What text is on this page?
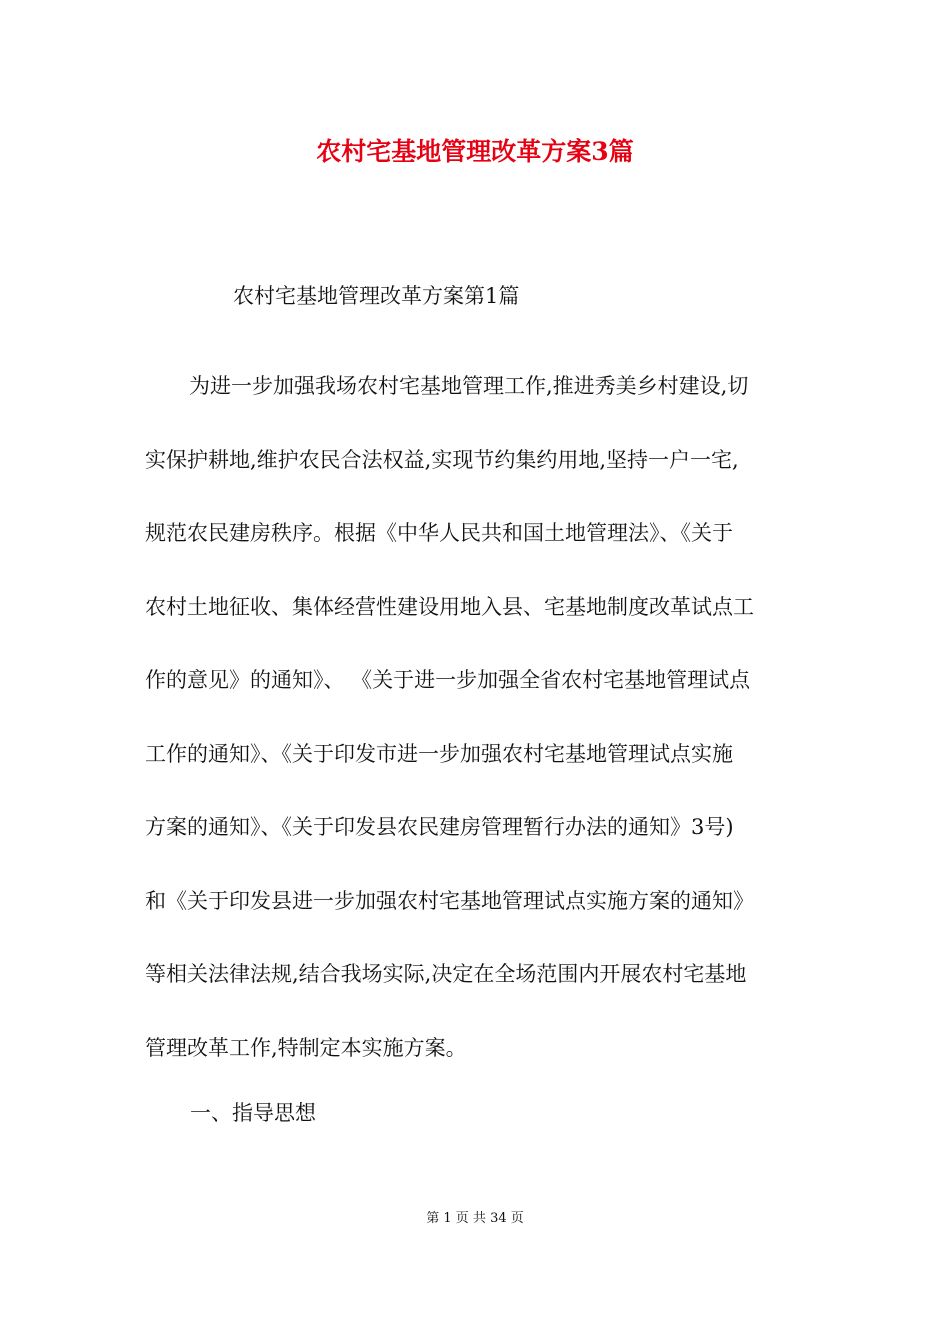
农村宅基地管理改革方案3篇

农村宅基地管理改革方案第1篇

为进一步加强我场农村宅基地管理工作,推进秀美乡村建设,切
实保护耕地,维护农民合法权益,实现节约集约用地,坚持一户一宅,
规范农民建房秩序。根据《中华人民共和国土地管理法》、《关于
农村土地征收、集体经营性建设用地入县、宅基地制度改革试点工
作的意见》的通知》、 《关于进一步加强全省农村宅基地管理试点
工作的通知》、《关于印发市进一步加强农村宅基地管理试点实施
方案的通知》、《关于印发县农民建房管理暂行办法的通知》3号)
和《关于印发县进一步加强农村宅基地管理试点实施方案的通知》
等相关法律法规,结合我场实际,决定在全场范围内开展农村宅基地
管理改革工作,特制定本实施方案。

一、指导思想
第 1 页 共 34 页
